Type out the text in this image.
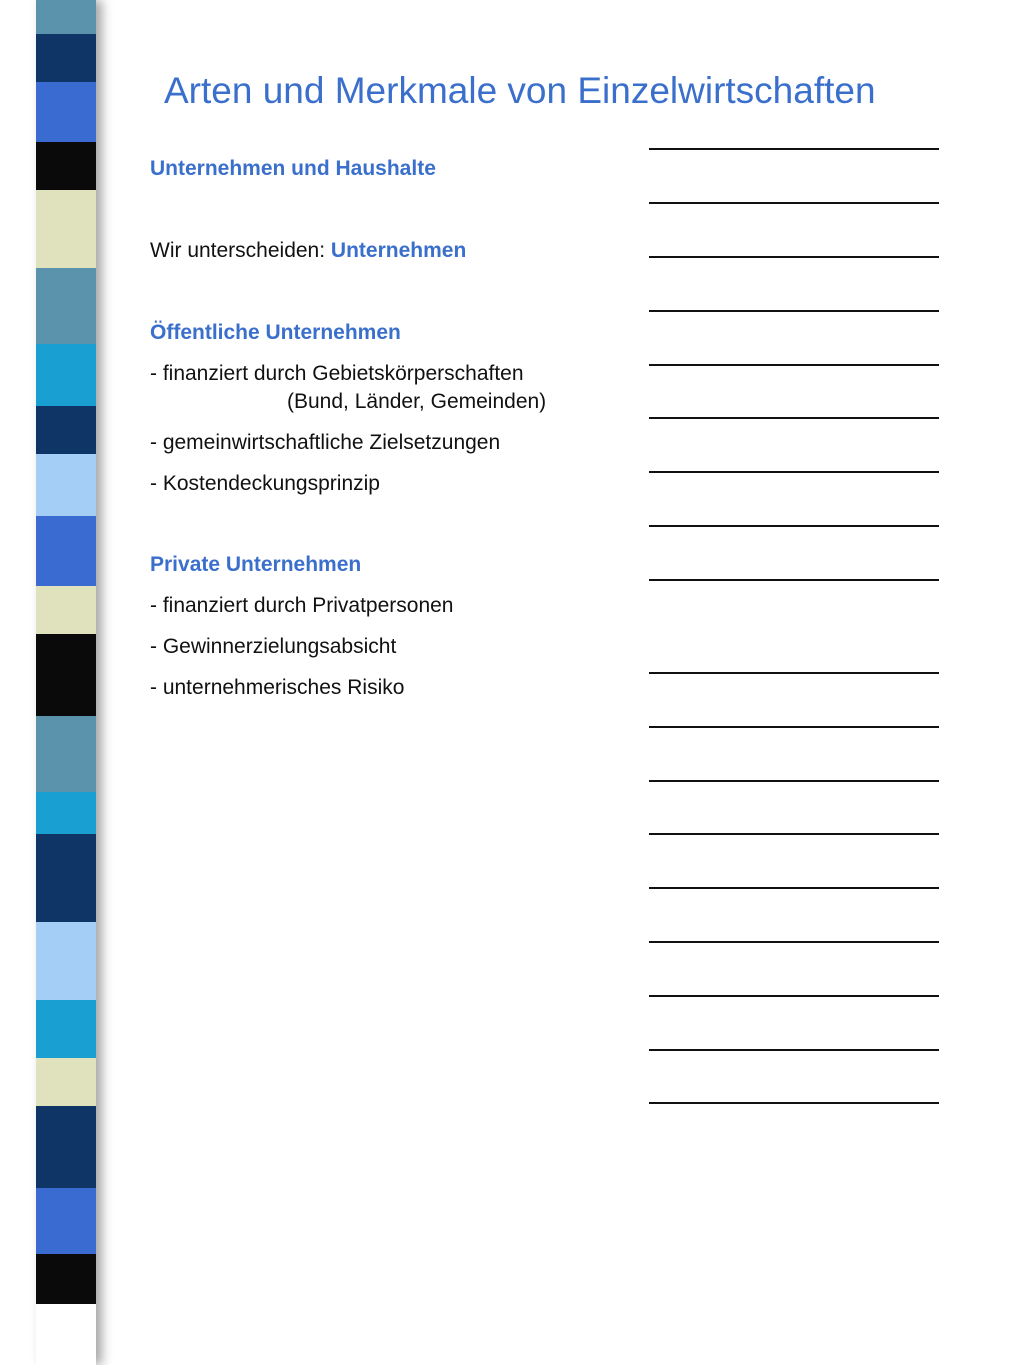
Arten und Merkmale von Einzelwirtschaften
Unternehmen und Haushalte
Wir unterscheiden: Unternehmen
Öffentliche Unternehmen
- finanziert durch Gebietskörperschaften
(Bund, Länder, Gemeinden)
- gemeinwirtschaftliche Zielsetzungen
- Kostendeckungsprinzip
Private Unternehmen
- finanziert durch Privatpersonen
- Gewinnerzielungsabsicht
- unternehmerisches Risiko
